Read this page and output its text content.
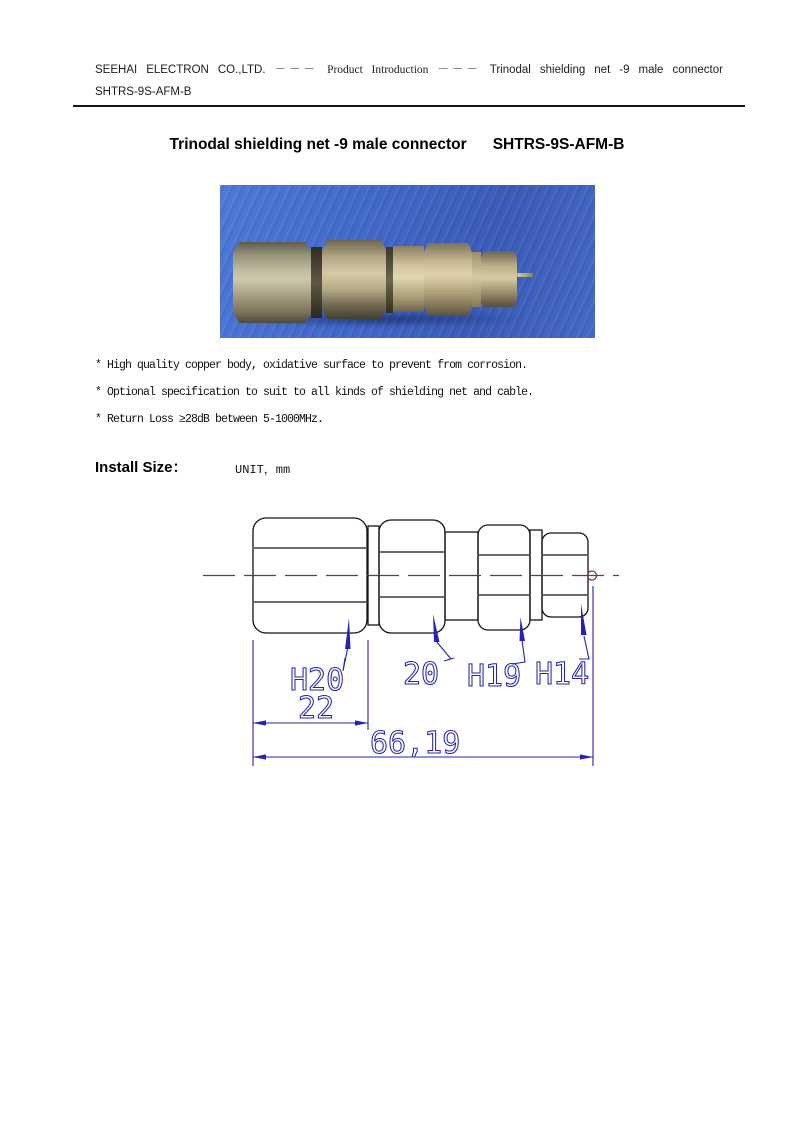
SEEHAI ELECTRON CO.,LTD. －－－ Product Introduction －－－ Trinodal shielding net -9 male connector
SHTRS-9S-AFM-B
Trinodal shielding net -9 male connector SHTRS-9S-AFM-B
* High quality copper body, oxidative surface to prevent from corrosion.
* Optional specification to suit to all kinds of shielding net and cable.
* Return Loss ≥28dB between 5-1000MHz.
Install Size：	UNIT，mm
H20 20 H19 H14
22
66,19
